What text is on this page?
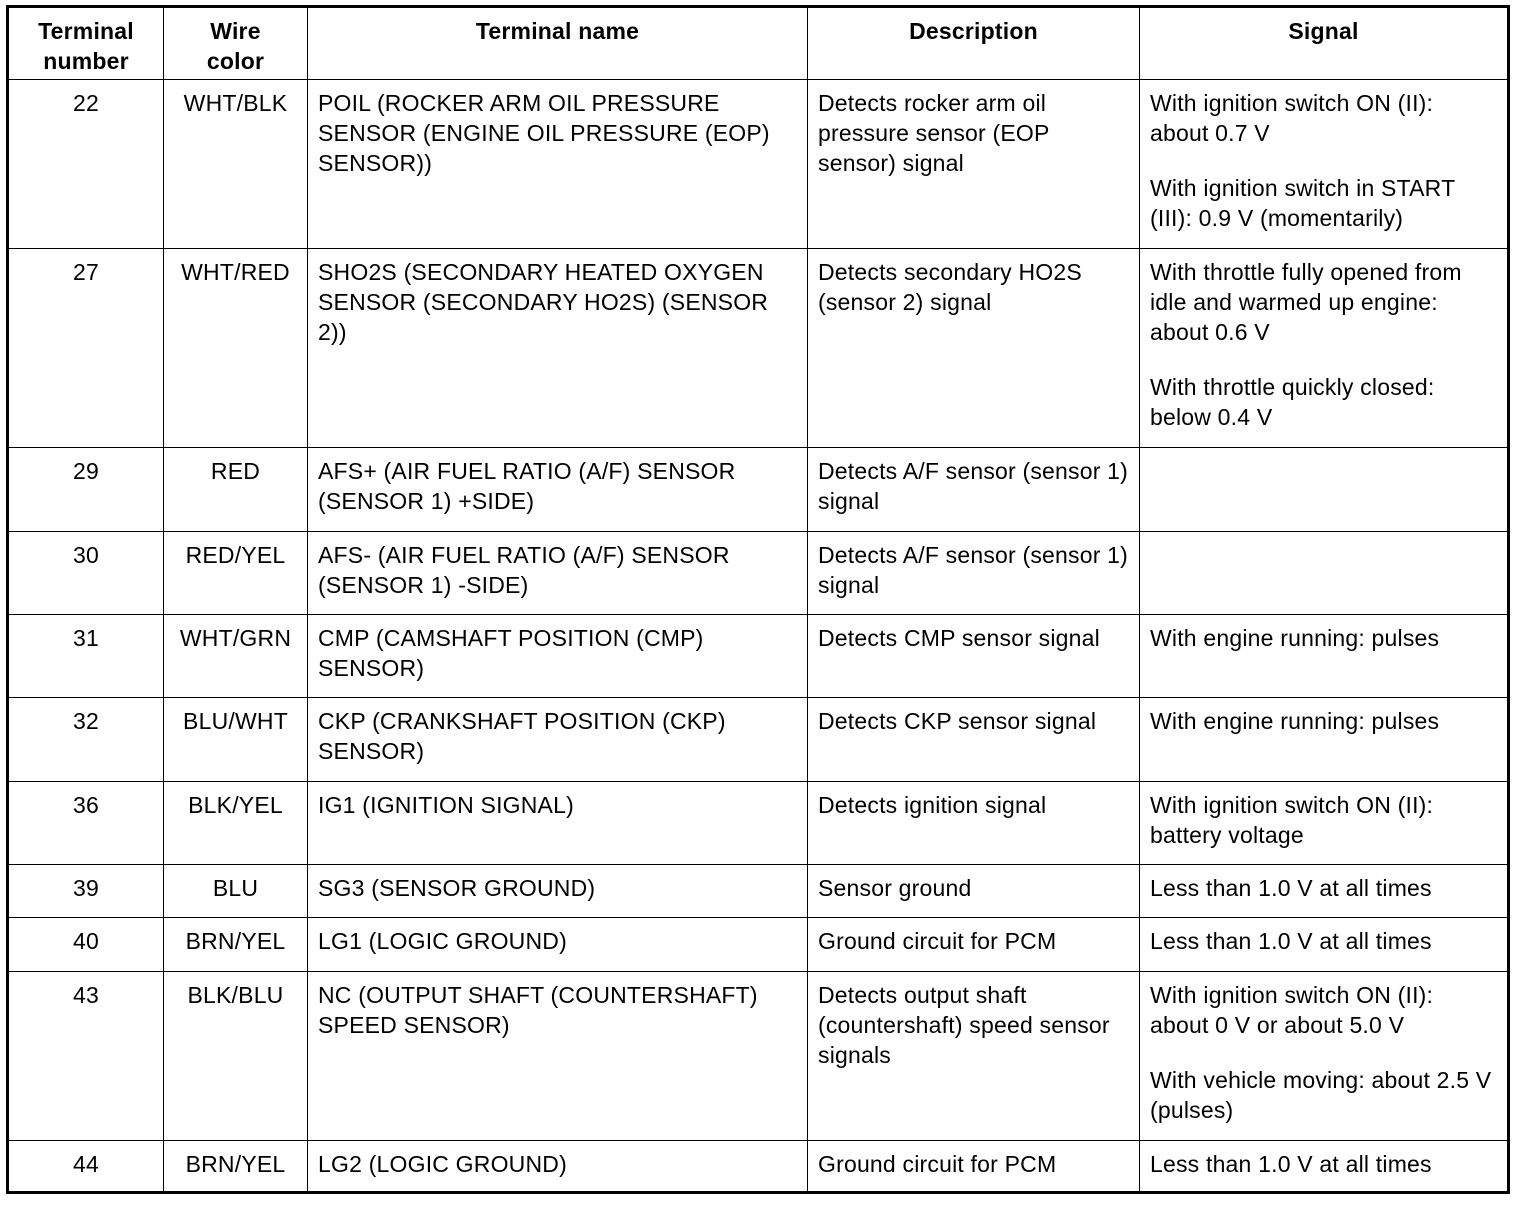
Terminal number	Wire color	Terminal name	Description	Signal
22	WHT/BLK	POIL (ROCKER ARM OIL PRESSURE SENSOR (ENGINE OIL PRESSURE (EOP) SENSOR))	Detects rocker arm oil pressure sensor (EOP sensor) signal	With ignition switch ON (II): about 0.7 V

With ignition switch in START (III): 0.9 V (momentarily)

27	WHT/RED	SHO2S (SECONDARY HEATED OXYGEN SENSOR (SECONDARY HO2S) (SENSOR 2))	Detects secondary HO2S (sensor 2) signal	With throttle fully opened from idle and warmed up engine: about 0.6 V

With throttle quickly closed: below 0.4 V

29	RED	AFS+ (AIR FUEL RATIO (A/F) SENSOR (SENSOR 1) +SIDE)	Detects A/F sensor (sensor 1) signal	
30	RED/YEL	AFS- (AIR FUEL RATIO (A/F) SENSOR (SENSOR 1) -SIDE)	Detects A/F sensor (sensor 1) signal	
31	WHT/GRN	CMP (CAMSHAFT POSITION (CMP) SENSOR)	Detects CMP sensor signal	With engine running: pulses

32	BLU/WHT	CKP (CRANKSHAFT POSITION (CKP) SENSOR)	Detects CKP sensor signal	With engine running: pulses

36	BLK/YEL	IG1 (IGNITION SIGNAL)	Detects ignition signal	With ignition switch ON (II): battery voltage

39	BLU	SG3 (SENSOR GROUND)	Sensor ground	Less than 1.0 V at all times

40	BRN/YEL	LG1 (LOGIC GROUND)	Ground circuit for PCM	Less than 1.0 V at all times

43	BLK/BLU	NC (OUTPUT SHAFT (COUNTERSHAFT) SPEED SENSOR)	Detects output shaft (countershaft) speed sensor signals	With ignition switch ON (II): about 0 V or about 5.0 V

With vehicle moving: about 2.5 V (pulses)

44	BRN/YEL	LG2 (LOGIC GROUND)	Ground circuit for PCM	Less than 1.0 V at all times
